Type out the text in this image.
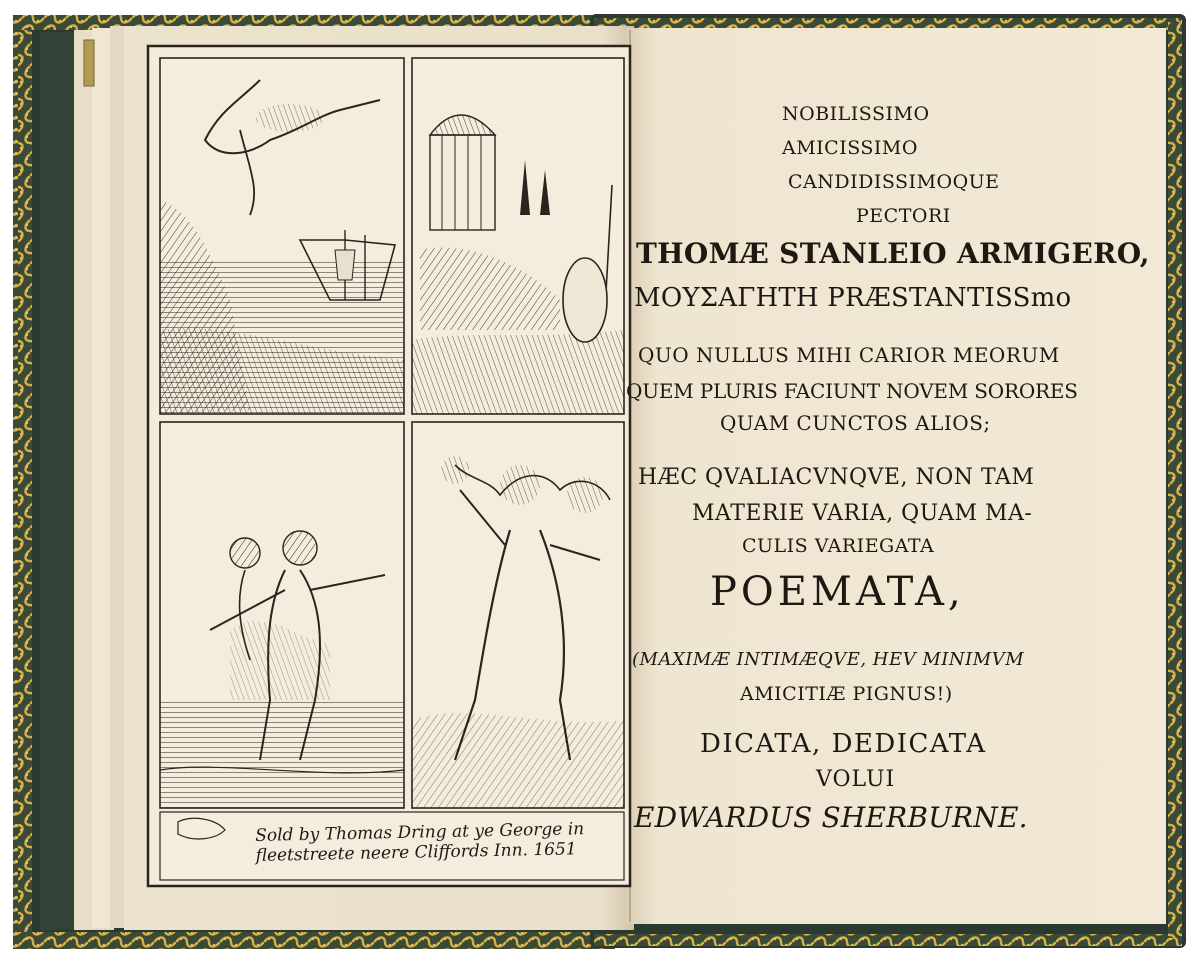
Sold by Thomas Dring at ye George in
fleetstreete neere Cliffords Inn. 1651
NOBILISSIMO
AMICISSIMO
CANDIDISSIMOQUE
PECTORI
THOMÆ STANLEIO ARMIGERO,
ΜΟΥΣΑΓΗΤΗ PRÆSTANTISSmo
QUO NULLUS MIHI CARIOR MEORUM
QUEM PLURIS FACIUNT NOVEM SORORES
QUAM CUNCTOS ALIOS;
HÆC QVALIACVNQVE, NON TAM
MATERIE VARIA, QUAM MA-
CULIS VARIEGATA
POEMATA,
(MAXIMÆ INTIMÆQVE, HEV MINIMVM
AMICITIÆ PIGNUS!)
DICATA, DEDICATA
VOLUI
EDWARDUS SHERBURNE.
